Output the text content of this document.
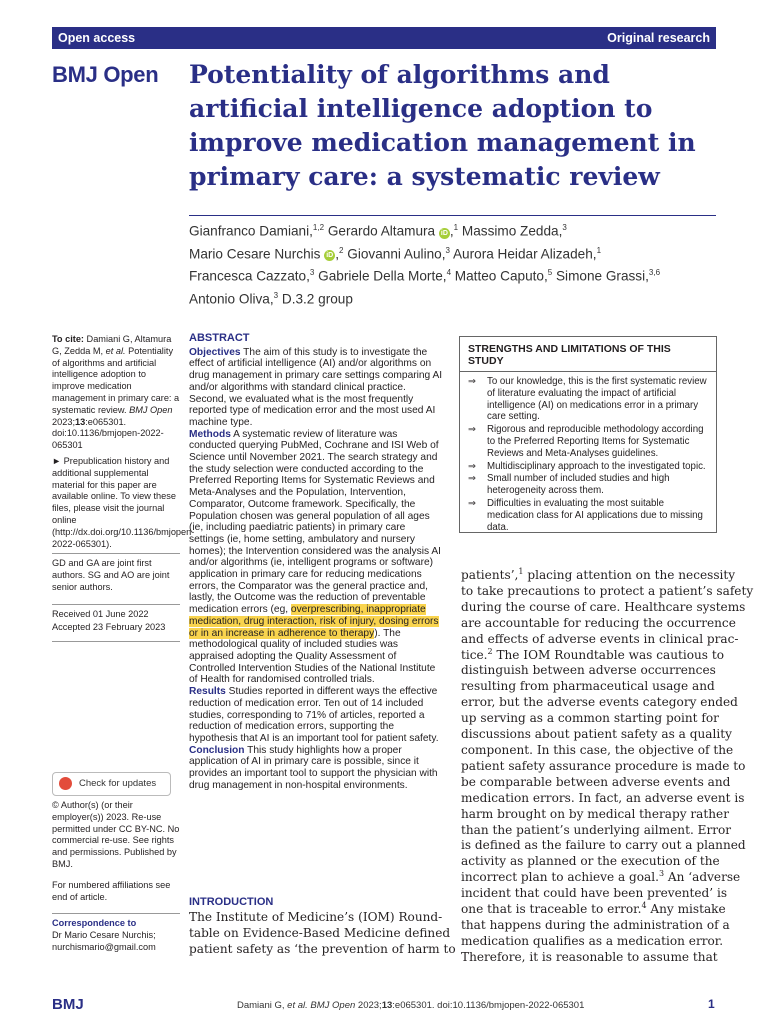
Open access	Original research
BMJ Open Potentiality of algorithms and artificial intelligence adoption to improve medication management in primary care: a systematic review
Gianfranco Damiani,$^{1,2}$ Gerardo Altamura iD ,$^1$ Massimo Zedda,$^3$
Mario Cesare Nurchis iD ,$^2$ Giovanni Aulino,$^3$ Aurora Heidar Alizadeh,$^1$
Francesca Cazzato,$^3$ Gabriele Della Morte,$^4$ Matteo Caputo,$^5$ Simone Grassi,$^{3,6}$
Antonio Oliva,$^3$ D.3.2 group
To cite: Damiani G, Altamura G, Zedda M, et al. Potentiality of algorithms and artificial intelligence adoption to improve medication management in primary care: a systematic review. BMJ Open 2023;13:e065301. doi:10.1136/bmjopen-2022-065301
► Prepublication history and additional supplemental material for this paper are available online. To view these files, please visit the journal online (http://dx.doi.org/10.1136/bmjopen-2022-065301).
GD and GA are joint first authors. SG and AO are joint senior authors.
Received 01 June 2022
Accepted 23 February 2023
Check for updates
© Author(s) (or their employer(s)) 2023. Re-use permitted under CC BY-NC. No commercial re-use. See rights and permissions. Published by BMJ.
For numbered affiliations see end of article.
Correspondence to
Dr Mario Cesare Nurchis;
nurchismario@gmail.com
ABSTRACT
Objectives The aim of this study is to investigate the effect of artificial intelligence (AI) and/or algorithms on drug management in primary care settings comparing AI and/or algorithms with standard clinical practice. Second, we evaluated what is the most frequently reported type of medication error and the most used AI machine type.
Methods A systematic review of literature was conducted querying PubMed, Cochrane and ISI Web of Science until November 2021. The search strategy and the study selection were conducted according to the Preferred Reporting Items for Systematic Reviews and Meta-Analyses and the Population, Intervention, Comparator, Outcome framework. Specifically, the Population chosen was general population of all ages (ie, including paediatric patients) in primary care settings (ie, home setting, ambulatory and nursery homes); the Intervention considered was the analysis AI and/or algorithms (ie, intelligent programs or software) application in primary care for reducing medications errors, the Comparator was the general practice and, lastly, the Outcome was the reduction of preventable medication errors (eg, overprescribing, inappropriate medication, drug interaction, risk of injury, dosing errors or in an increase in adherence to therapy). The methodological quality of included studies was appraised adopting the Quality Assessment of Controlled Intervention Studies of the National Institute of Health for randomised controlled trials.
Results Studies reported in different ways the effective reduction of medication error. Ten out of 14 included studies, corresponding to 71% of articles, reported a reduction of medication errors, supporting the hypothesis that AI is an important tool for patient safety.
Conclusion This study highlights how a proper application of AI in primary care is possible, since it provides an important tool to support the physician with drug management in non-hospital environments.
STRENGTHS AND LIMITATIONS OF THIS STUDY
⇒ To our knowledge, this is the first systematic review of literature evaluating the impact of artificial intelligence (AI) on medications error in a primary care setting.
⇒ Rigorous and reproducible methodology according to the Preferred Reporting Items for Systematic Reviews and Meta-Analyses guidelines.
⇒ Multidisciplinary approach to the investigated topic.
⇒ Small number of included studies and high heterogeneity across them.
⇒ Difficulties in evaluating the most suitable medication class for AI applications due to missing data.
INTRODUCTION
The Institute of Medicine’s (IOM) Round-
table on Evidence-Based Medicine defined
patient safety as ‘the prevention of harm to
patients’,$^1$ placing attention on the necessity
to take precautions to protect a patient’s safety
during the course of care. Healthcare systems
are accountable for reducing the occurrence
and effects of adverse events in clinical prac-
tice.$^2$ The IOM Roundtable was cautious to
distinguish between adverse occurrences
resulting from pharmaceutical usage and
error, but the adverse events category ended
up serving as a common starting point for
discussions about patient safety as a quality
component. In this case, the objective of the
patient safety assurance procedure is made to
be comparable between adverse events and
medication errors. In fact, an adverse event is
harm brought on by medical therapy rather
than the patient’s underlying ailment. Error
is defined as the failure to carry out a planned
activity as planned or the execution of the
incorrect plan to achieve a goal.$^3$ An ‘adverse
incident that could have been prevented’ is
one that is traceable to error.$^4$ Any mistake
that happens during the administration of a
medication qualifies as a medication error.
Therefore, it is reasonable to assume that
BMJ	Damiani G, et al. BMJ Open 2023;13:e065301. doi:10.1136/bmjopen-2022-065301	1
